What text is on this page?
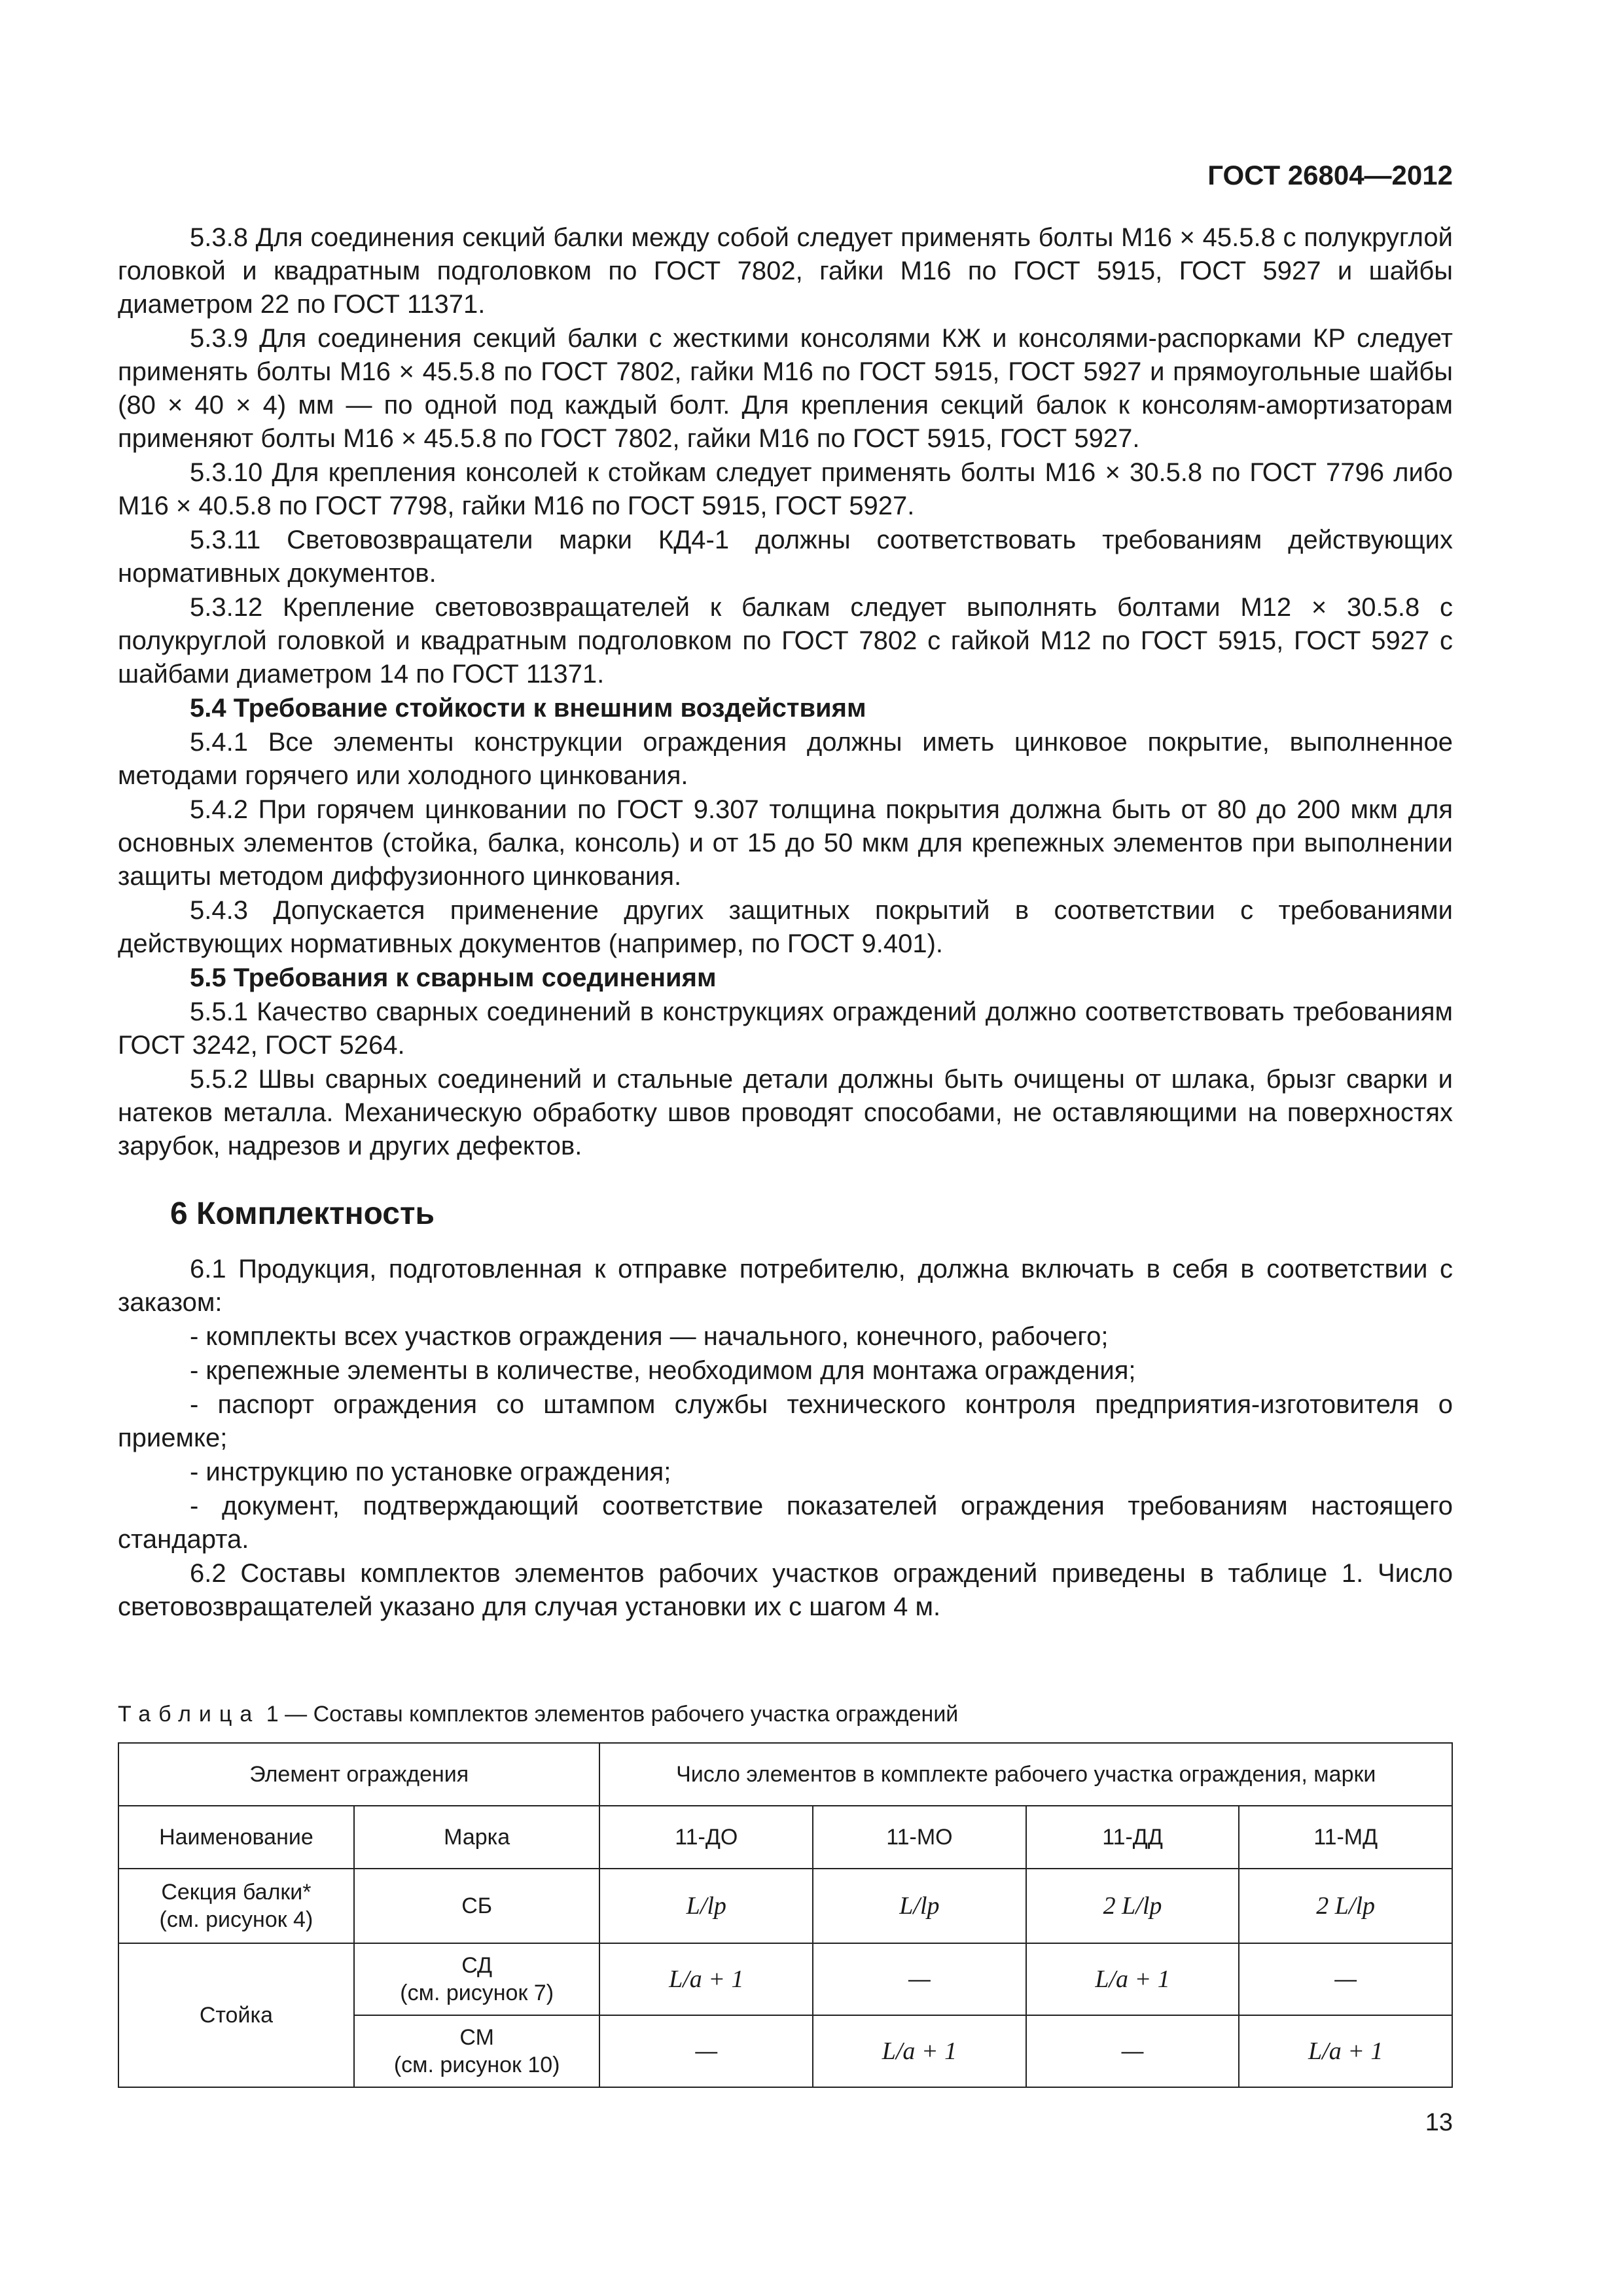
ГОСТ 26804—2012

5.3.8 Для соединения секций балки между собой следует применять болты М16 × 45.5.8 с полукруглой головкой и квадратным подголовком по ГОСТ 7802, гайки М16 по ГОСТ 5915, ГОСТ 5927 и шайбы диаметром 22 по ГОСТ 11371.

5.3.9 Для соединения секций балки с жесткими консолями КЖ и консолями-распорками КР следует применять болты М16 × 45.5.8 по ГОСТ 7802, гайки М16 по ГОСТ 5915, ГОСТ 5927 и прямоугольные шайбы (80 × 40 × 4) мм — по одной под каждый болт. Для крепления секций балок к консолям-амортизаторам применяют болты М16 × 45.5.8 по ГОСТ 7802, гайки М16 по ГОСТ 5915, ГОСТ 5927.

5.3.10 Для крепления консолей к стойкам следует применять болты М16 × 30.5.8 по ГОСТ 7796 либо М16 × 40.5.8 по ГОСТ 7798, гайки М16 по ГОСТ 5915, ГОСТ 5927.

5.3.11 Световозвращатели марки КД4-1 должны соответствовать требованиям действующих нормативных документов.

5.3.12 Крепление световозвращателей к балкам следует выполнять болтами М12 × 30.5.8 с полукруглой головкой и квадратным подголовком по ГОСТ 7802 с гайкой М12 по ГОСТ 5915, ГОСТ 5927 с шайбами диаметром 14 по ГОСТ 11371.

5.4 Требование стойкости к внешним воздействиям

5.4.1 Все элементы конструкции ограждения должны иметь цинковое покрытие, выполненное методами горячего или холодного цинкования.

5.4.2 При горячем цинковании по ГОСТ 9.307 толщина покрытия должна быть от 80 до 200 мкм для основных элементов (стойка, балка, консоль) и от 15 до 50 мкм для крепежных элементов при выполнении защиты методом диффузионного цинкования.

5.4.3 Допускается применение других защитных покрытий в соответствии с требованиями действующих нормативных документов (например, по ГОСТ 9.401).

5.5 Требования к сварным соединениям

5.5.1 Качество сварных соединений в конструкциях ограждений должно соответствовать требованиям ГОСТ 3242, ГОСТ 5264.

5.5.2 Швы сварных соединений и стальные детали должны быть очищены от шлака, брызг сварки и натеков металла. Механическую обработку швов проводят способами, не оставляющими на поверхностях зарубок, надрезов и других дефектов.

6 Комплектность

6.1 Продукция, подготовленная к отправке потребителю, должна включать в себя в соответствии с заказом:

- комплекты всех участков ограждения — начального, конечного, рабочего;

- крепежные элементы в количестве, необходимом для монтажа ограждения;

- паспорт ограждения со штампом службы технического контроля предприятия-изготовителя о приемке;

- инструкцию по установке ограждения;

- документ, подтверждающий соответствие показателей ограждения требованиям настоящего стандарта.

6.2 Составы комплектов элементов рабочих участков ограждений приведены в таблице 1. Число световозвращателей указано для случая установки их с шагом 4 м.

Таблица 1 — Составы комплектов элементов рабочего участка ограждений
Элемент ограждения		Число элементов в комплекте рабочего участка ограждения, марки			
Наименование	Марка	11-ДО	11-МО	11-ДД	11-МД
Секция балки*
(см. рисунок 4)	СБ	L/lр	L/lр	2 L/lр	2 L/lр
Стойка	СД
(см. рисунок 7)	L/a + 1	—	L/a + 1	—
	СМ
(см. рисунок 10)	—	L/a + 1	—	L/a + 1
13
